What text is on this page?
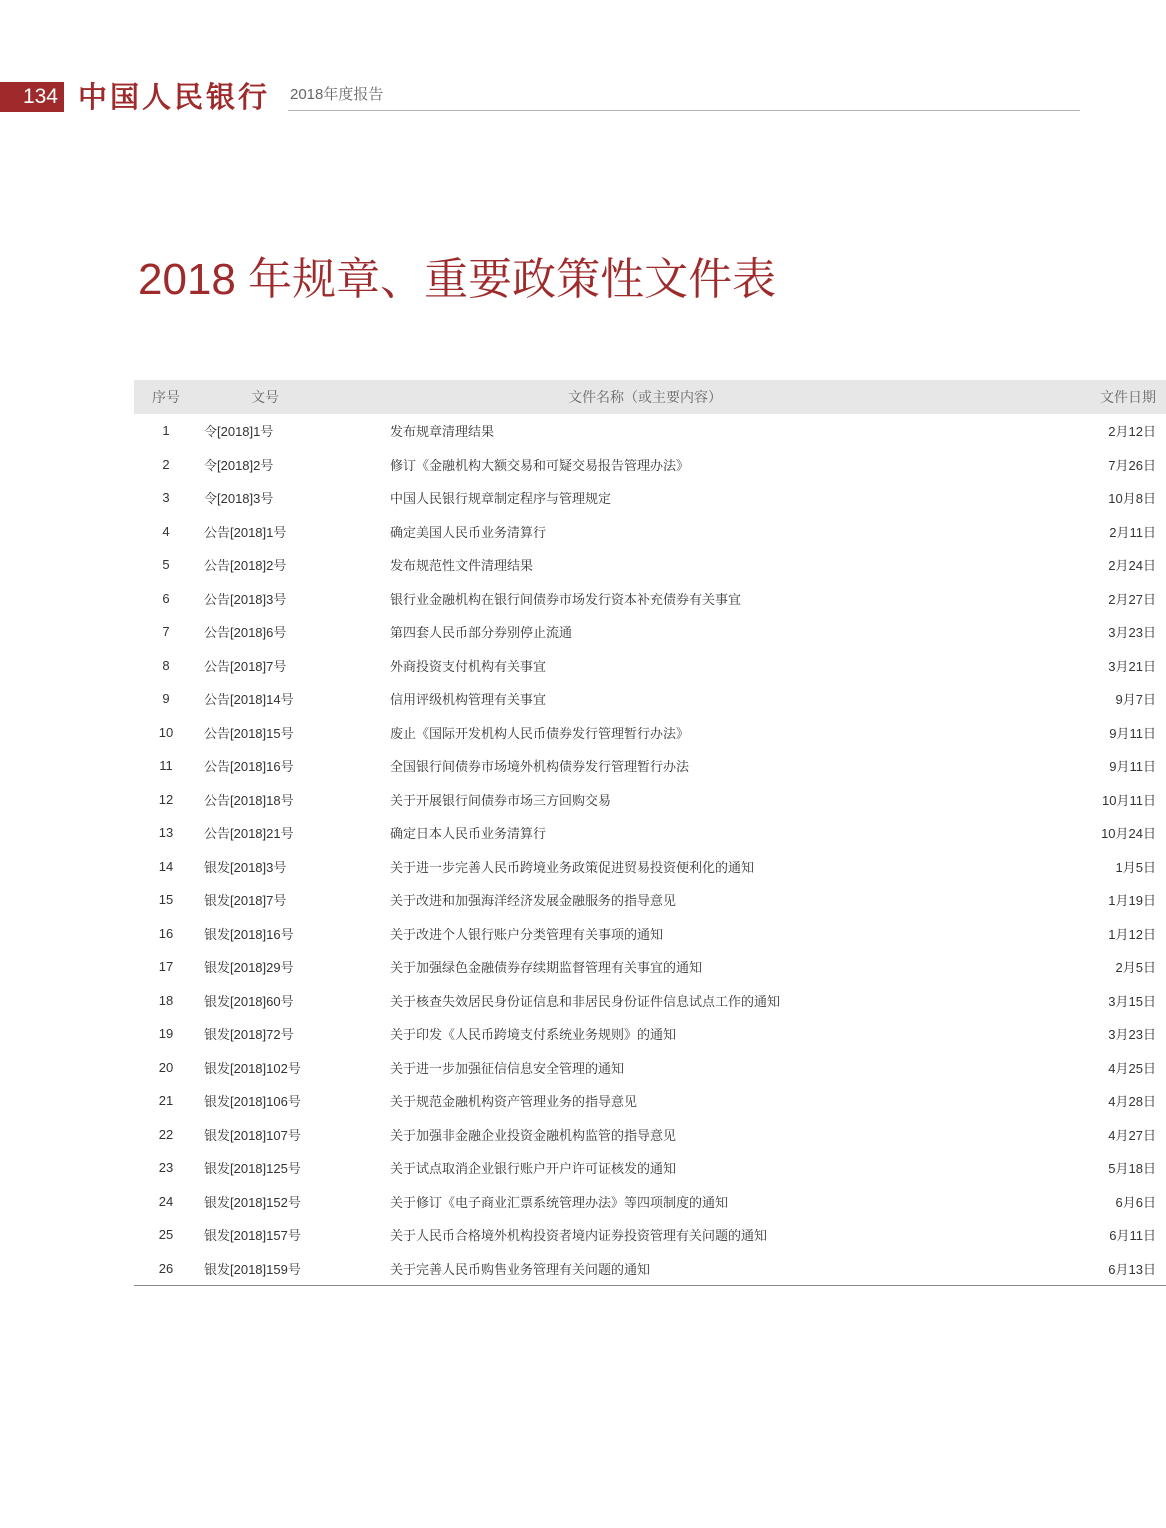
134 中国人民银行 2018年度报告
2018 年规章、重要政策性文件表
序号	文号	文件名称（或主要内容）	文件日期
1	令[2018]1号	发布规章清理结果	2月12日
2	令[2018]2号	修订《金融机构大额交易和可疑交易报告管理办法》	7月26日
3	令[2018]3号	中国人民银行规章制定程序与管理规定	10月8日
4	公告[2018]1号	确定美国人民币业务清算行	2月11日
5	公告[2018]2号	发布规范性文件清理结果	2月24日
6	公告[2018]3号	银行业金融机构在银行间债券市场发行资本补充债券有关事宜	2月27日
7	公告[2018]6号	第四套人民币部分券别停止流通	3月23日
8	公告[2018]7号	外商投资支付机构有关事宜	3月21日
9	公告[2018]14号	信用评级机构管理有关事宜	9月7日
10	公告[2018]15号	废止《国际开发机构人民币债券发行管理暂行办法》	9月11日
11	公告[2018]16号	全国银行间债券市场境外机构债券发行管理暂行办法	9月11日
12	公告[2018]18号	关于开展银行间债券市场三方回购交易	10月11日
13	公告[2018]21号	确定日本人民币业务清算行	10月24日
14	银发[2018]3号	关于进一步完善人民币跨境业务政策促进贸易投资便利化的通知	1月5日
15	银发[2018]7号	关于改进和加强海洋经济发展金融服务的指导意见	1月19日
16	银发[2018]16号	关于改进个人银行账户分类管理有关事项的通知	1月12日
17	银发[2018]29号	关于加强绿色金融债券存续期监督管理有关事宜的通知	2月5日
18	银发[2018]60号	关于核查失效居民身份证信息和非居民身份证件信息试点工作的通知	3月15日
19	银发[2018]72号	关于印发《人民币跨境支付系统业务规则》的通知	3月23日
20	银发[2018]102号	关于进一步加强征信信息安全管理的通知	4月25日
21	银发[2018]106号	关于规范金融机构资产管理业务的指导意见	4月28日
22	银发[2018]107号	关于加强非金融企业投资金融机构监管的指导意见	4月27日
23	银发[2018]125号	关于试点取消企业银行账户开户许可证核发的通知	5月18日
24	银发[2018]152号	关于修订《电子商业汇票系统管理办法》等四项制度的通知	6月6日
25	银发[2018]157号	关于人民币合格境外机构投资者境内证券投资管理有关问题的通知	6月11日
26	银发[2018]159号	关于完善人民币购售业务管理有关问题的通知	6月13日
